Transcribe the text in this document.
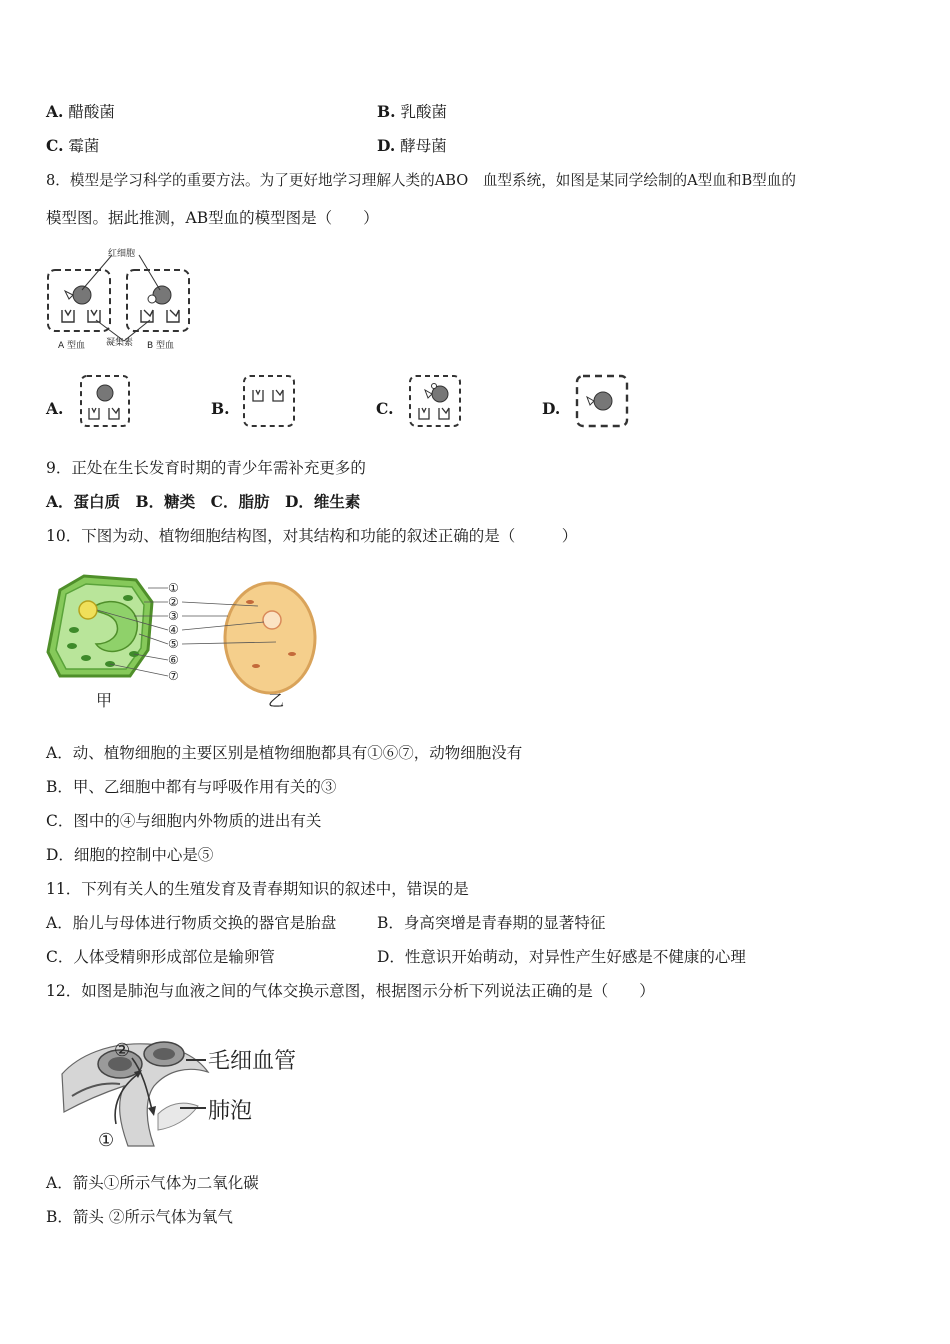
A. 醋酸菌	B. 乳酸菌
C. 霉菌	D. 酵母菌
8．模型是学习科学的重要方法。为了更好地学习理解人类的ABO　血型系统，如图是某同学绘制的A型血和B型血的
模型图。据此推测，AB型血的模型图是（　　）
红细胞
凝集素
A 型血	B 型血
A.	B.	C.	D.
9．正处在生长发育时期的青少年需补充更多的
A．蛋白质　B．糖类　C．脂肪　D．维生素
10．下图为动、植物细胞结构图，对其结构和功能的叙述正确的是（　　　）
①
②
③
④
⑤
⑥
⑦
甲	乙
A．动、植物细胞的主要区别是植物细胞都具有①⑥⑦，动物细胞没有
B．甲、乙细胞中都有与呼吸作用有关的③
C．图中的④与细胞内外物质的进出有关
D．细胞的控制中心是⑤
11．下列有关人的生殖发育及青春期知识的叙述中，错误的是
A．胎儿与母体进行物质交换的器官是胎盘	B．身高突增是青春期的显著特征
C．人体受精卵形成部位是输卵管	D．性意识开始萌动，对异性产生好感是不健康的心理
12．如图是肺泡与血液之间的气体交换示意图，根据图示分析下列说法正确的是（　　）
毛细血管
肺泡
②
①
A．箭头①所示气体为二氧化碳
B．箭头 ②所示气体为氧气
